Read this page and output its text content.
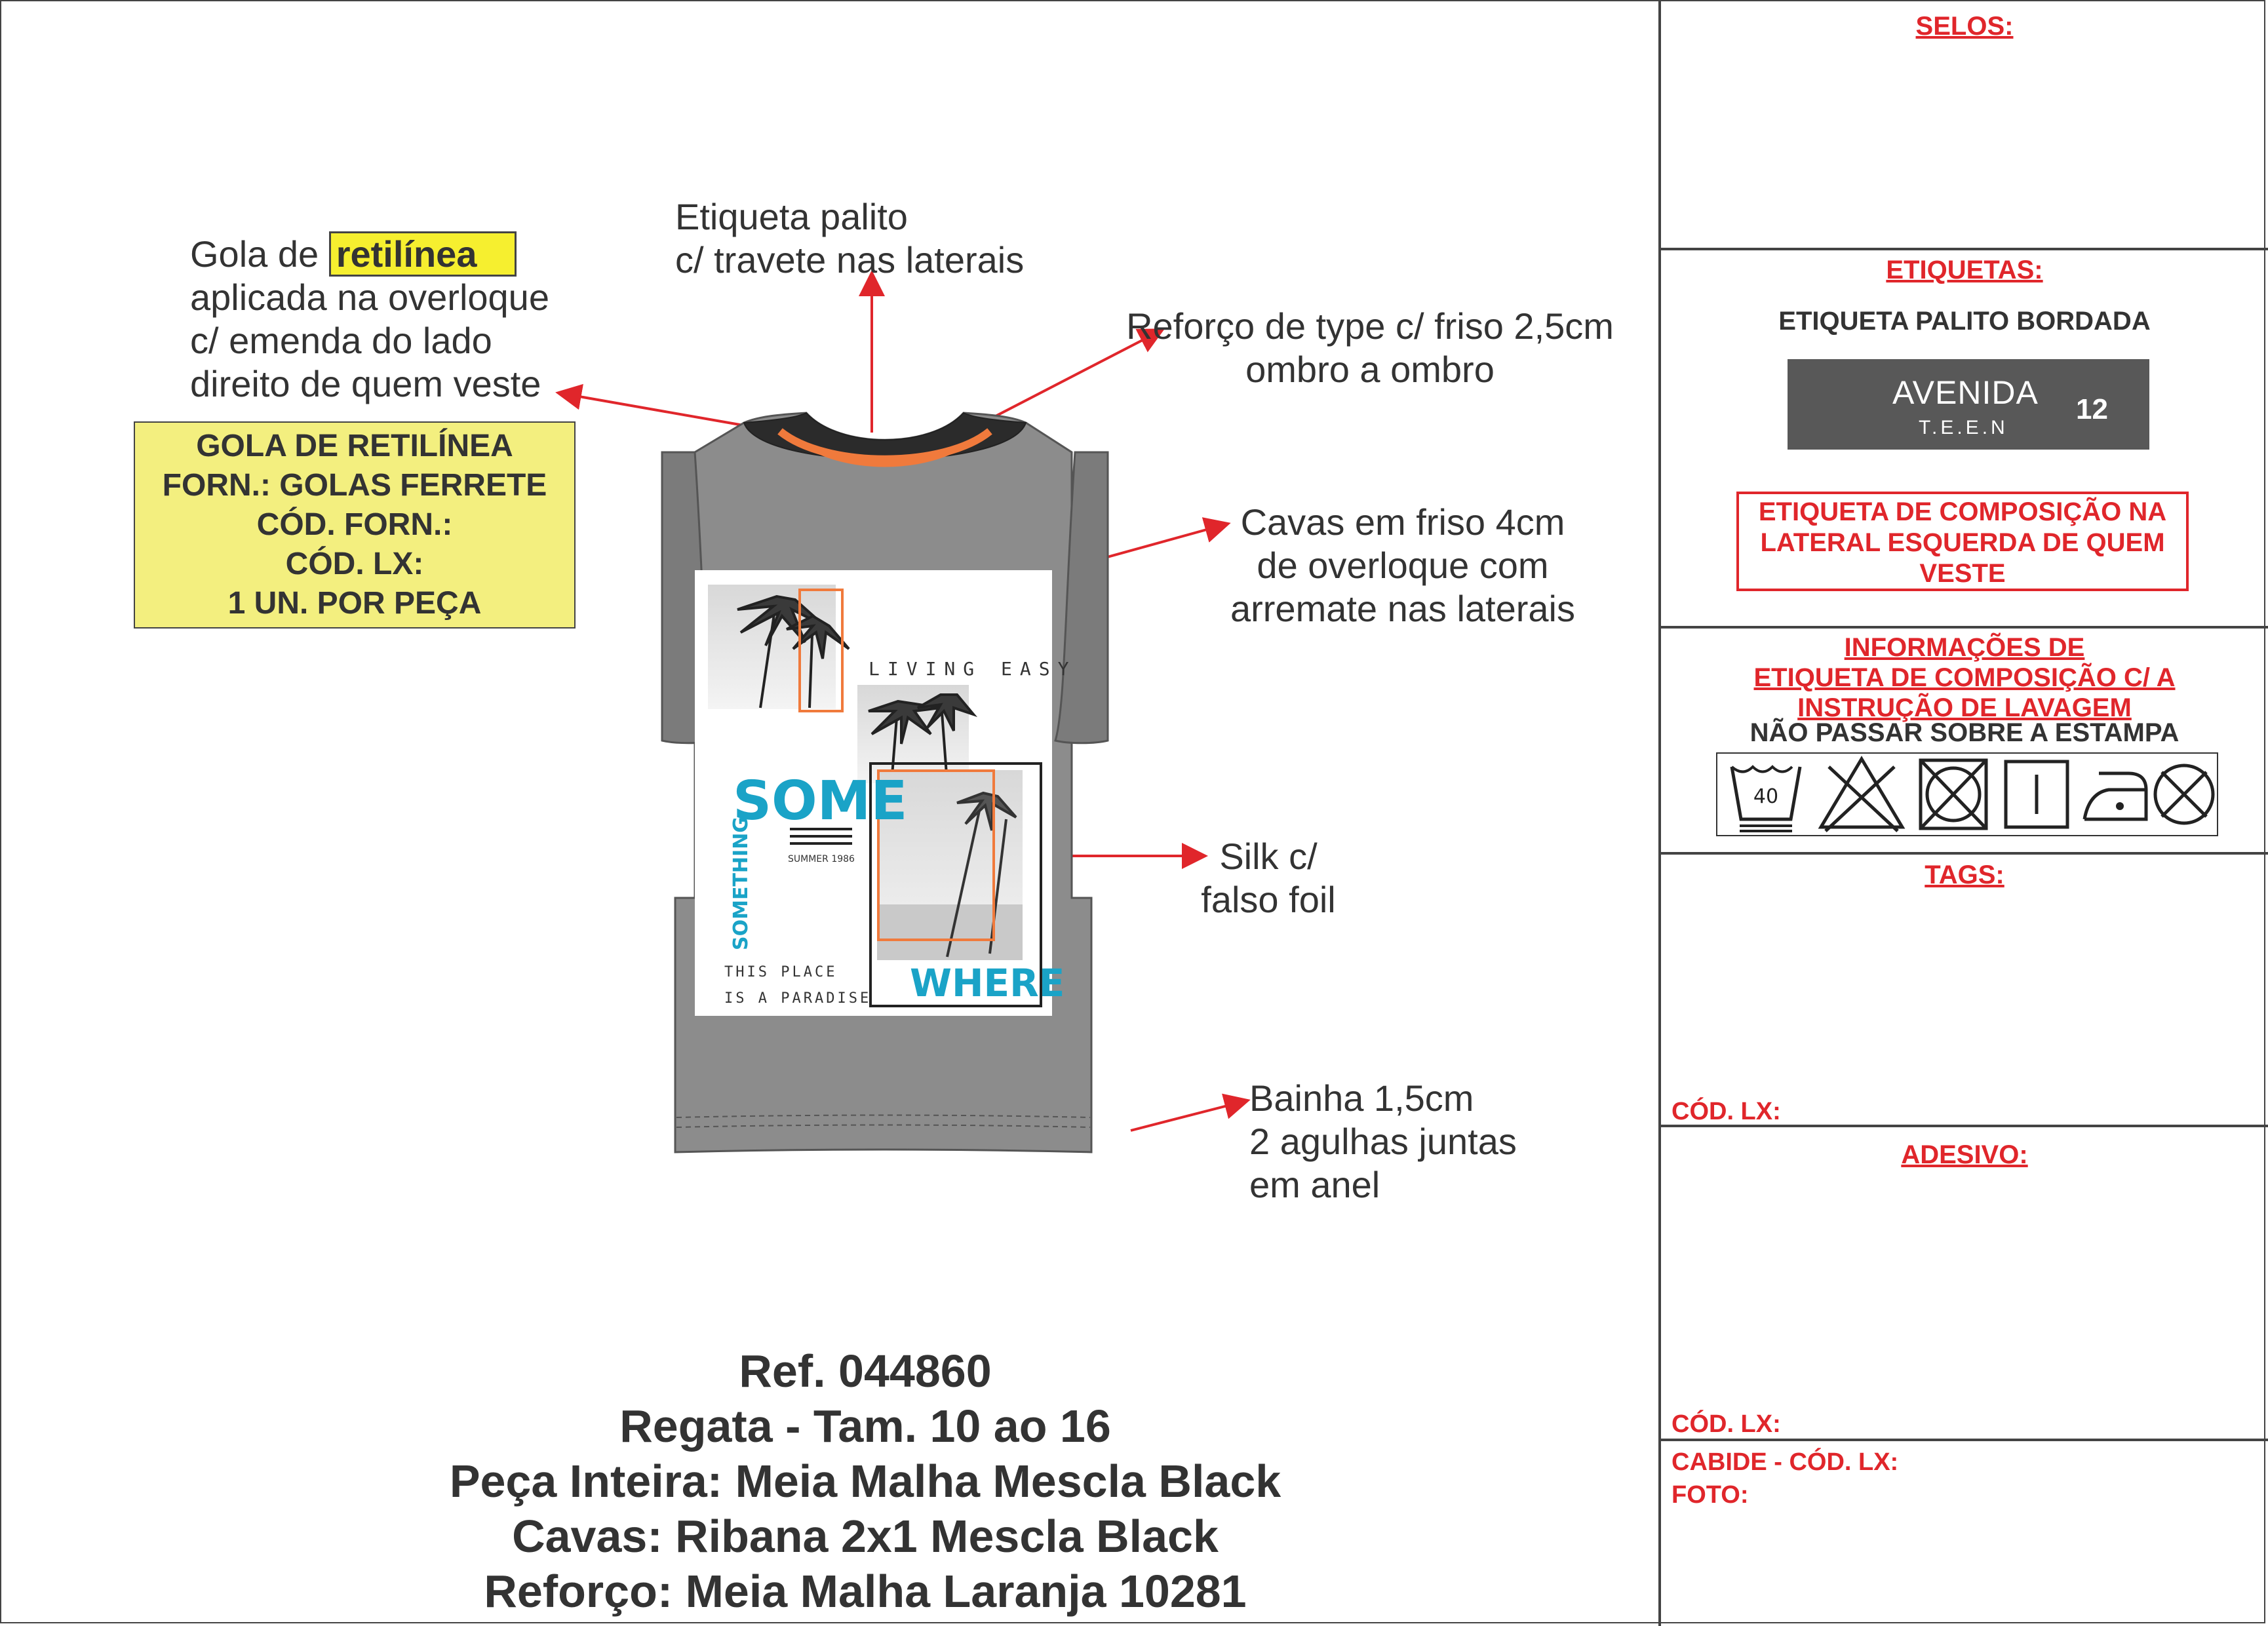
Gola de retilínea
aplicada na overloque
c/ emenda do lado
direito de quem veste
Etiqueta palito
c/ travete nas laterais
Reforço de type c/ friso 2,5cm
ombro a ombro
Cavas em friso 4cm
de overloque com
arremate nas laterais
Silk c/
falso foil
Bainha 1,5cm
2 agulhas juntas
em anel
GOLA DE RETILÍNEA
FORN.: GOLAS FERRETE
CÓD. FORN.:
CÓD. LX:
1 UN. POR PEÇA
LIVING EASY
SOME
SUMMER 1986
SOMETHING
WHERE
THIS PLACE
IS A PARADISE
Ref. 044860
Regata - Tam. 10 ao 16
Peça Inteira: Meia Malha Mescla Black
Cavas: Ribana 2x1 Mescla Black
Reforço: Meia Malha Laranja 10281
SELOS:
ETIQUETAS:
ETIQUETA PALITO BORDADA
AVENIDA
T.E.E.N
12
ETIQUETA DE COMPOSIÇÃO NA
LATERAL ESQUERDA DE QUEM
VESTE
INFORMAÇÕES DE
ETIQUETA DE COMPOSIÇÃO C/ A
INSTRUÇÃO DE LAVAGEM
NÃO PASSAR SOBRE A ESTAMPA
40
TAGS:
CÓD. LX:
ADESIVO:
CÓD. LX:
CABIDE - CÓD. LX:
FOTO:
